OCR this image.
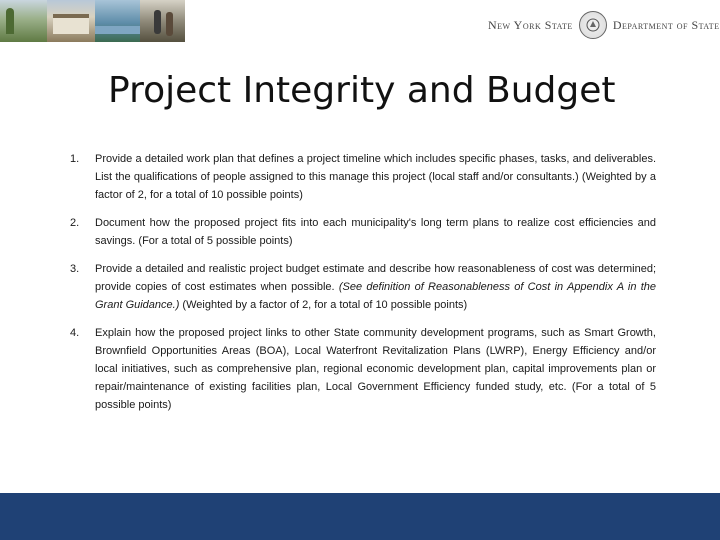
New York State	Department of State
Project Integrity and Budget
1.	Provide a detailed work plan that defines a project timeline which includes specific phases, tasks, and deliverables. List the qualifications of people assigned to this manage this project (local staff and/or consultants.) (Weighted by a factor of 2, for a total of 10 possible points)
2.	Document how the proposed project fits into each municipality's long term plans to realize cost efficiencies and savings. (For a total of 5 possible points)
3.	Provide a detailed and realistic project budget estimate and describe how reasonableness of cost was determined; provide copies of cost estimates when possible. (See definition of Reasonableness of Cost in Appendix A in the Grant Guidance.) (Weighted by a factor of 2, for a total of 10 possible points)
4.	Explain how the proposed project links to other State community development programs, such as Smart Growth, Brownfield Opportunities Areas (BOA), Local Waterfront Revitalization Plans (LWRP), Energy Efficiency and/or local initiatives, such as comprehensive plan, regional economic development plan, capital improvements plan or repair/maintenance of existing facilities plan, Local Government Efficiency funded study, etc. (For a total of 5 possible points)
